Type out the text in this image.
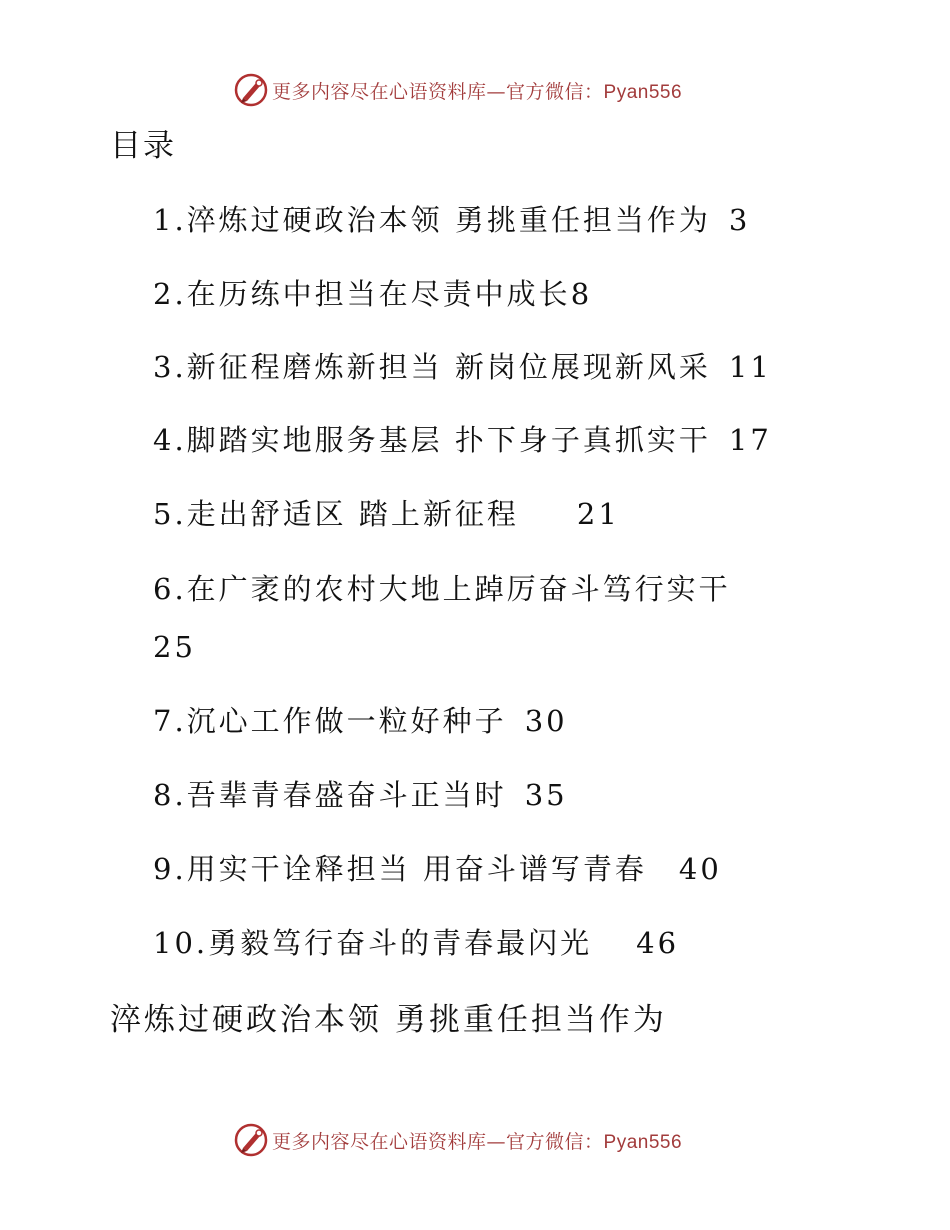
更多内容尽在心语资料库—官方微信：Pyan556
目录
1.淬炼过硬政治本领 勇挑重任担当作为 3
2.在历练中担当在尽责中成长8
3.新征程磨炼新担当 新岗位展现新风采 11
4.脚踏实地服务基层 扑下身子真抓实干 17
5.走出舒适区 踏上新征程 21
6.在广袤的农村大地上踔厉奋斗笃行实干
25
7.沉心工作做一粒好种子 30
8.吾辈青春盛奋斗正当时 35
9.用实干诠释担当 用奋斗谱写青春 40
10.勇毅笃行奋斗的青春最闪光 46
淬炼过硬政治本领 勇挑重任担当作为
更多内容尽在心语资料库—官方微信：Pyan556
